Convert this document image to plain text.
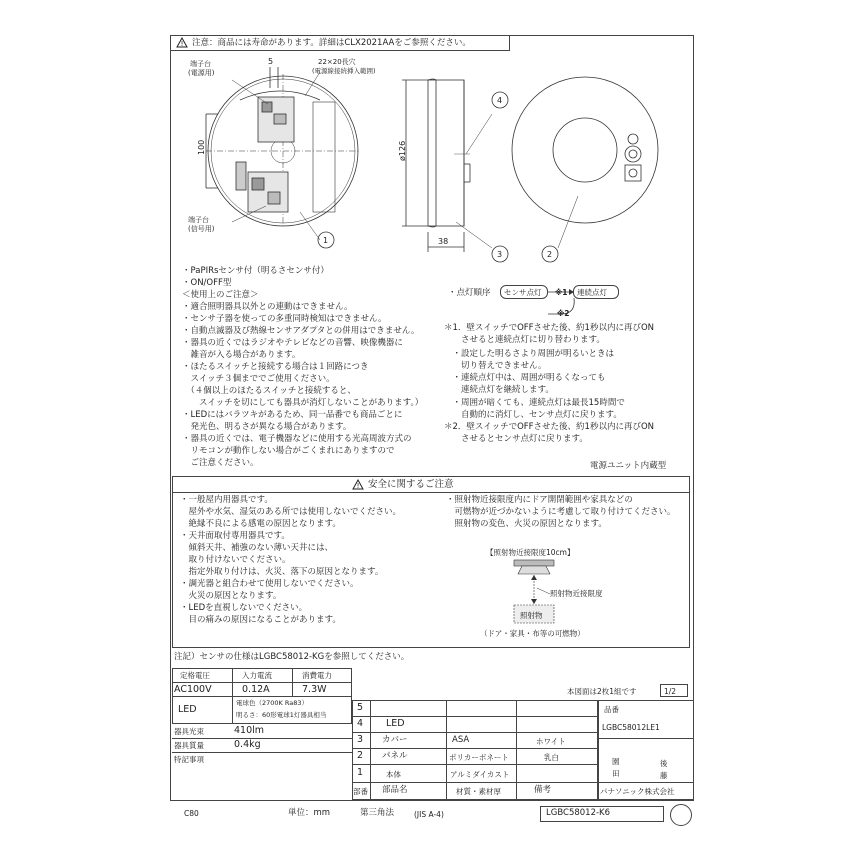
! 注意：商品には寿命があります。詳細はCLX2021AAをご参照ください。
端子台
(電源用)
端子台
(信号用)
5	22×20長穴
(電源線接続挿入範囲)
100	ø126
38
1
2
3
4
・PaPIRsセンサ付（明るさセンサ付）
・ON/OFF型
＜使用上のご注意＞
・適合照明器具以外との連動はできません。
・センサ子器を使っての多重同時検知はできません。
・自動点滅器及び熱線センサアダプタとの併用はできません。
・器具の近くではラジオやテレビなどの音響、映像機器に
　雑音が入る場合があります。
・ほたるスイッチと接続する場合は１回路につき
　スイッチ３個まででご使用ください。
　（４個以上のほたるスイッチと接続すると、
　　スイッチを切にしても器具が消灯しないことがあります。）
・LEDにはバラツキがあるため、同一品番でも商品ごとに
　発光色、明るさが異なる場合があります。
・器具の近くでは、電子機器などに使用する光高周波方式の
　リモコンが動作しない場合がごくまれにありますので
　ご注意ください。
・点灯順序 センサ点灯	連続点灯
※1
※2
＊1．壁スイッチでOFFさせた後、約1秒以内に再びON
　　させると連続点灯に切り替わります。
　・設定した明るさより周囲が明るいときは
　　切り替えできません。
　・連続点灯中は、周囲が明るくなっても
　　連続点灯を継続します。
　・周囲が暗くても、連続点灯は最長15時間で
　　自動的に消灯し、センサ点灯に戻ります。
＊2．壁スイッチでOFFさせた後、約1秒以内に再びON
　　させるとセンサ点灯に戻ります。
電源ユニット内蔵型
! 安全に関するご注意
・一般屋内用器具です。
　屋外や水気、湿気のある所では使用しないでください。
　絶縁不良による感電の原因となります。
・天井面取付専用器具です。
　傾斜天井、補強のない薄い天井には、
　取り付けないでください。
　指定外取り付けは、火災、落下の原因となります。
・調光器と組合わせて使用しないでください。
　火災の原因となります。
・LEDを直視しないでください。
　目の痛みの原因になることがあります。
・照射物近接限度内にドア開閉範囲や家具などの
　可燃物が近づかないように考慮して取り付けてください。
　照射物の変色、火災の原因となります。
【照射物近接限度10cm】
照射物近接限度
照射物
（ドア・家具・布等の可燃物）
注記）センサの仕様はLGBC58012-KGを参照してください。
定格電圧	入力電流	消費電力
AC100V	0.12A	7.3W
LED
電球色（2700K Ra83）
明るさ：60形電球1灯器具相当
器具光束	410lm
器具質量	0.4kg
特記事項
本図面は2枚1組です	1/2
5
4 LED
3 カバー	ASA	ホワイト
2 パネル	ポリカーボネート	乳白
1	本体	アルミダイカスト
部番 部品名	材質・素材厚	備考
品番
LGBC58012LE1
園	後
田	藤
パナソニック株式会社
C80	単位：mm	第三角法	(JIS A-4)	LGBC58012-K6
